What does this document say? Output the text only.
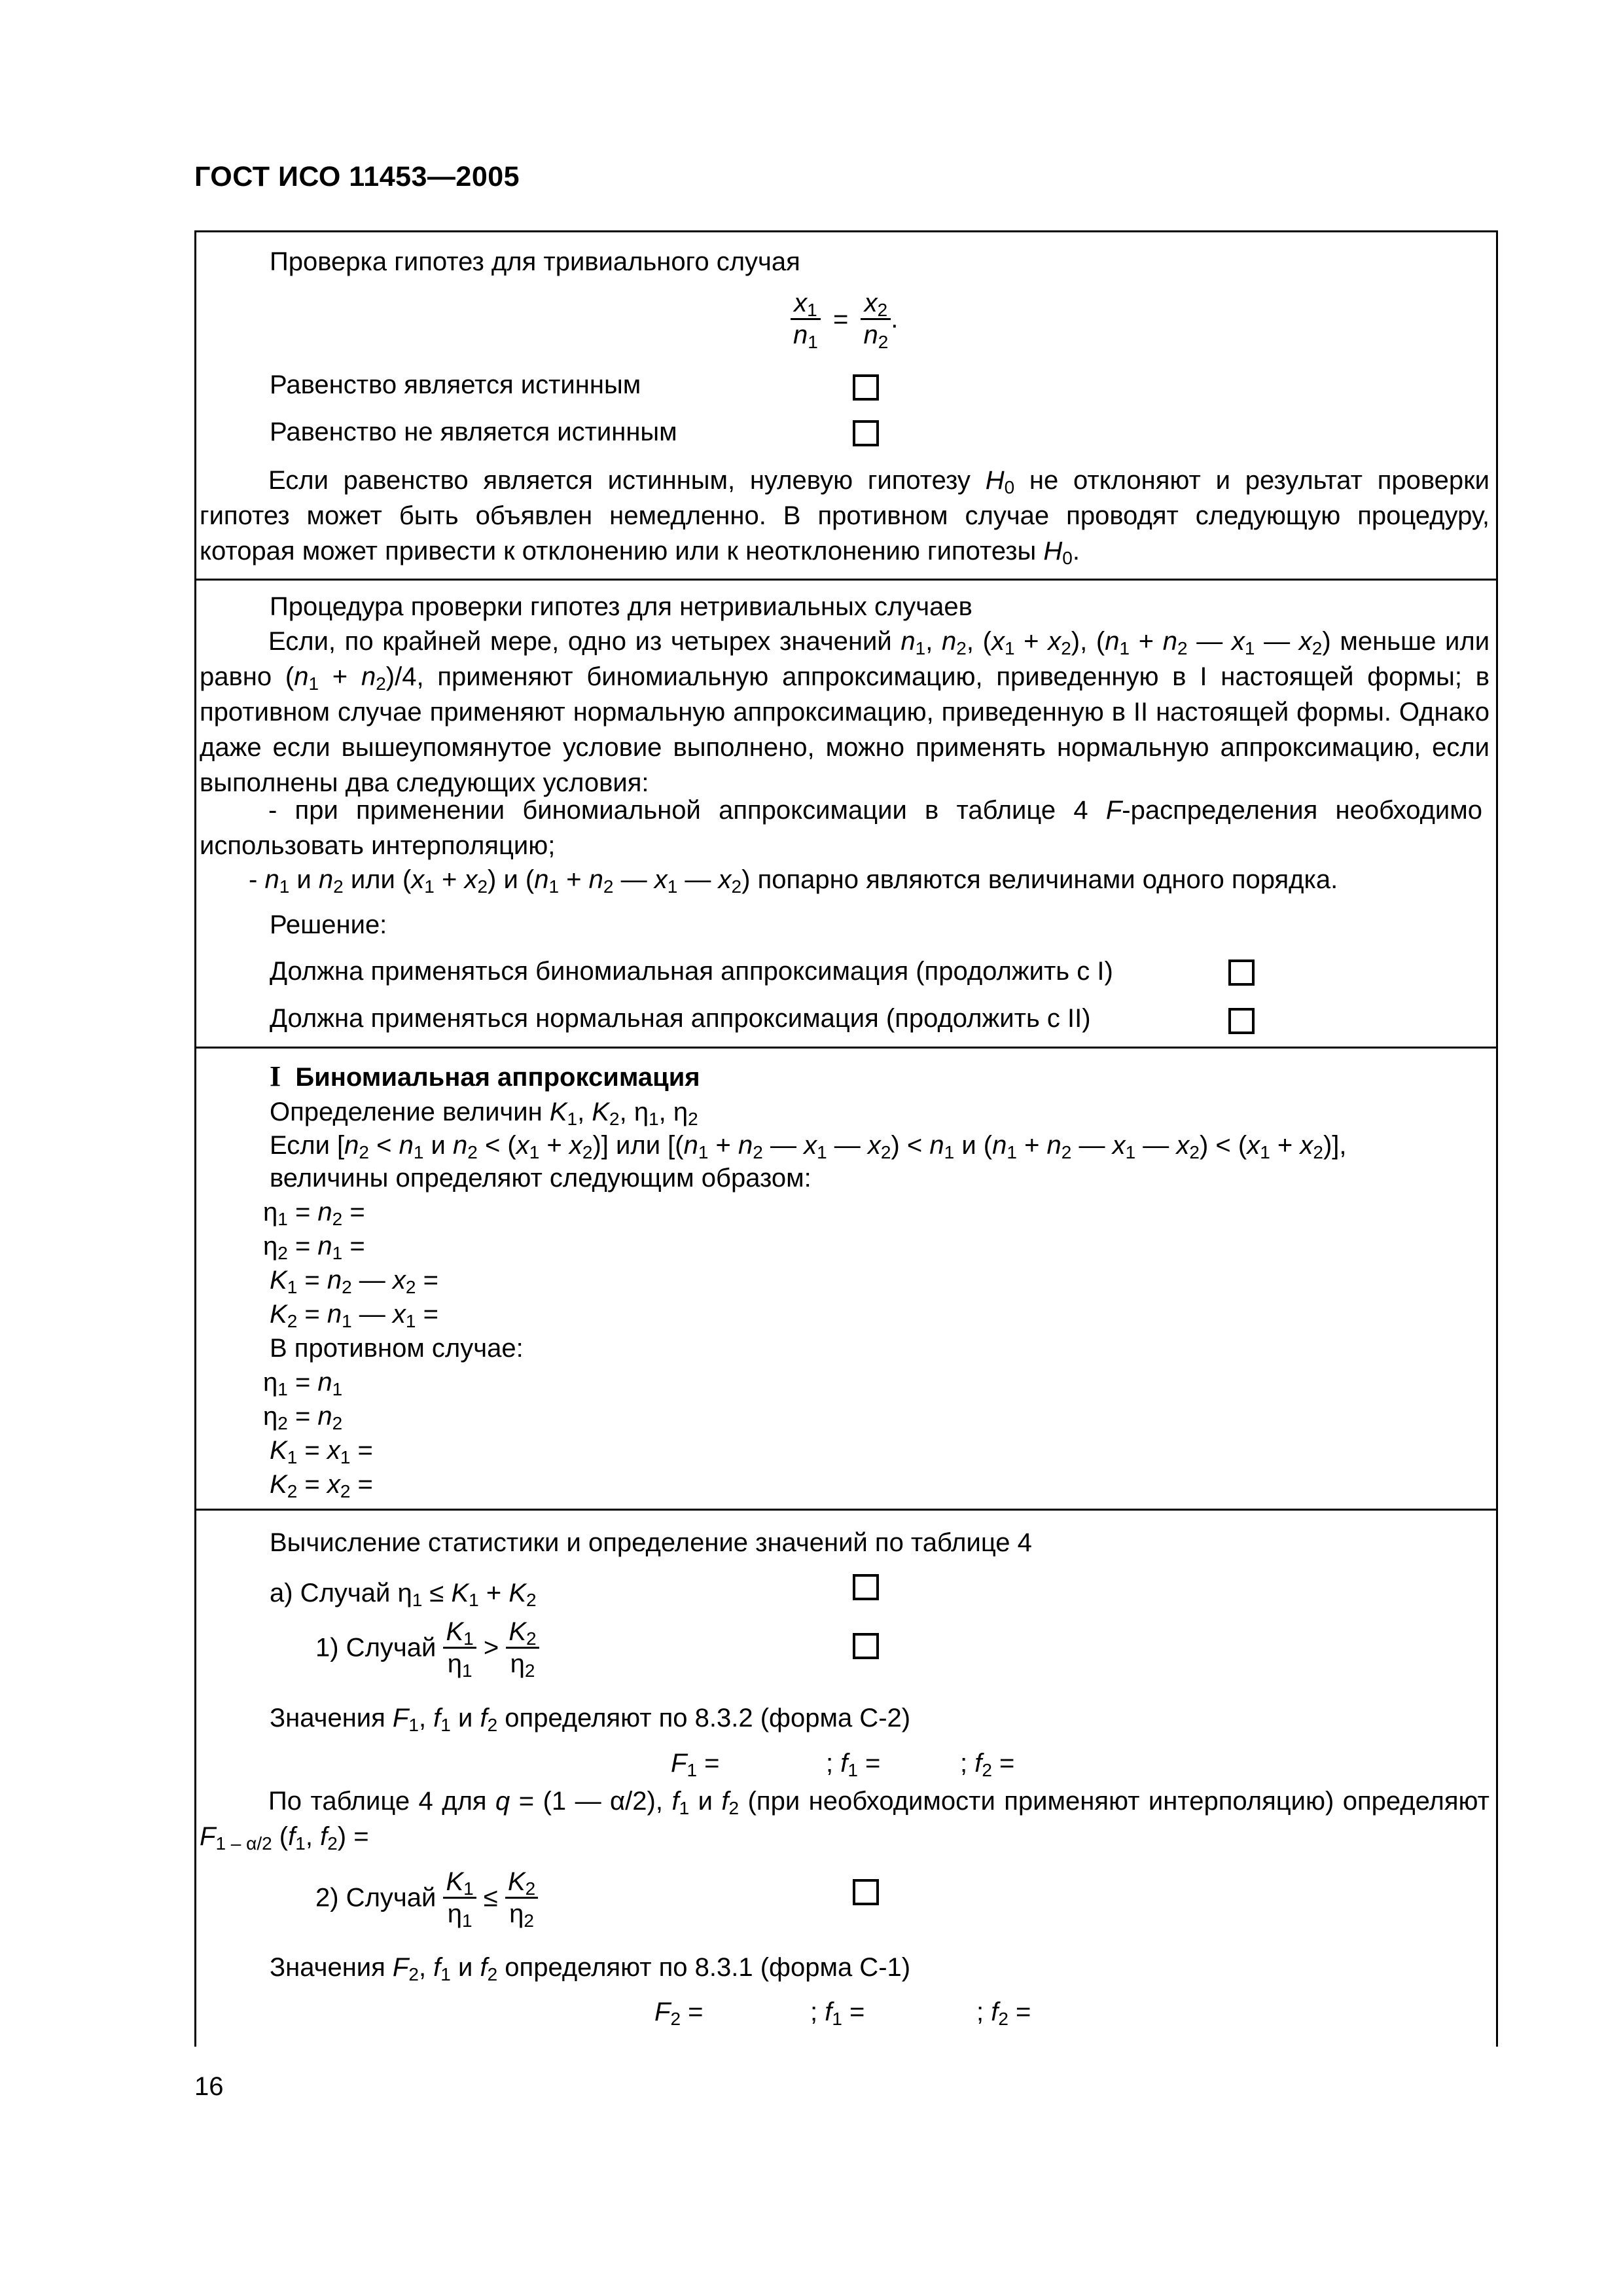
ГОСТ ИСО 11453—2005
Проверка гипотез для тривиального случая
$\frac{x_1}{n_1} = \frac{x_2}{n_2}$ .
Равенство является истинным
Равенство не является истинным
Если равенство является истинным, нулевую гипотезу $H_0$ не отклоняют и результат проверки гипотез может быть объявлен немедленно. В противном случае проводят следующую процедуру, которая может привести к отклонению или к неотклонению гипотезы $H_0$.
Процедура проверки гипотез для нетривиальных случаев
Если, по крайней мере, одно из четырех значений $n_1$, $n_2$, $(x_1 + x_2)$, ($n_1 + n_2$ — $x_1$ — $x_2$) меньше или равно $(n_1 + n_2)/4$, применяют биномиальную аппроксимацию, приведенную в I настоящей формы; в противном случае применяют нормальную аппроксимацию, приведенную в II настоящей формы. Однако даже если вышеупомянутое условие выполнено, можно применять нормальную аппроксимацию, если выполнены два следующих условия:
- при применении биномиальной аппроксимации в таблице 4 F-распределения необходимо использовать интерполяцию;
- $n_1$ и $n_2$ или $(x_1 + x_2)$ и ($n_1 + n_2$ — $x_1$ — $x_2$) попарно являются величинами одного порядка.
Решение:
Должна применяться биномиальная аппроксимация (продолжить с I)
Должна применяться нормальная аппроксимация (продолжить с II)
I Биномиальная аппроксимация
Определение величин $K_1$, $K_2$, $\eta_1$, $\eta_2$
Если [$n_2 < n_1$ и $n_2 < (x_1 + x_2)$] или [($n_1 + n_2$ — $x_1$ — $x_2) < n_1$ и ($n_1 + n_2$ — $x_1$ — $x_2) < (x_1 + x_2)$],
величины определяют следующим образом:
$\eta_1 = n_2$ =
$\eta_2 = n_1$ =
$K_1 = n_2$ — $x_2$ =
$K_2 = n_1$ — $x_1$ =
В противном случае:
$\eta_1 = n_1$
$\eta_2 = n_2$
$K_1 = x_1$ =
$K_2 = x_2$ =
Вычисление статистики и определение значений по таблице 4
а) Случай $\eta_1 \le K_1 + K_2$
1) Случай $\frac{K_1}{\eta_1} > \frac{K_2}{\eta_2}$
Значения $F_1$, $f_1$ и $f_2$ определяют по 8.3.2 (форма С-2)
$F_1$ =	; $f_1$ =	; $f_2$ =
По таблице 4 для q = (1 — α/2), $f_1$ и $f_2$ (при необходимости применяют интерполяцию) определяют $F_{1 - \alpha/2}$ ($f_1$, $f_2$) =
2) Случай $\frac{K_1}{\eta_1} \le \frac{K_2}{\eta_2}$
Значения $F_2$, $f_1$ и $f_2$ определяют по 8.3.1 (форма С-1)
$F_2$ =	; $f_1$ =	; $f_2$ =
16
